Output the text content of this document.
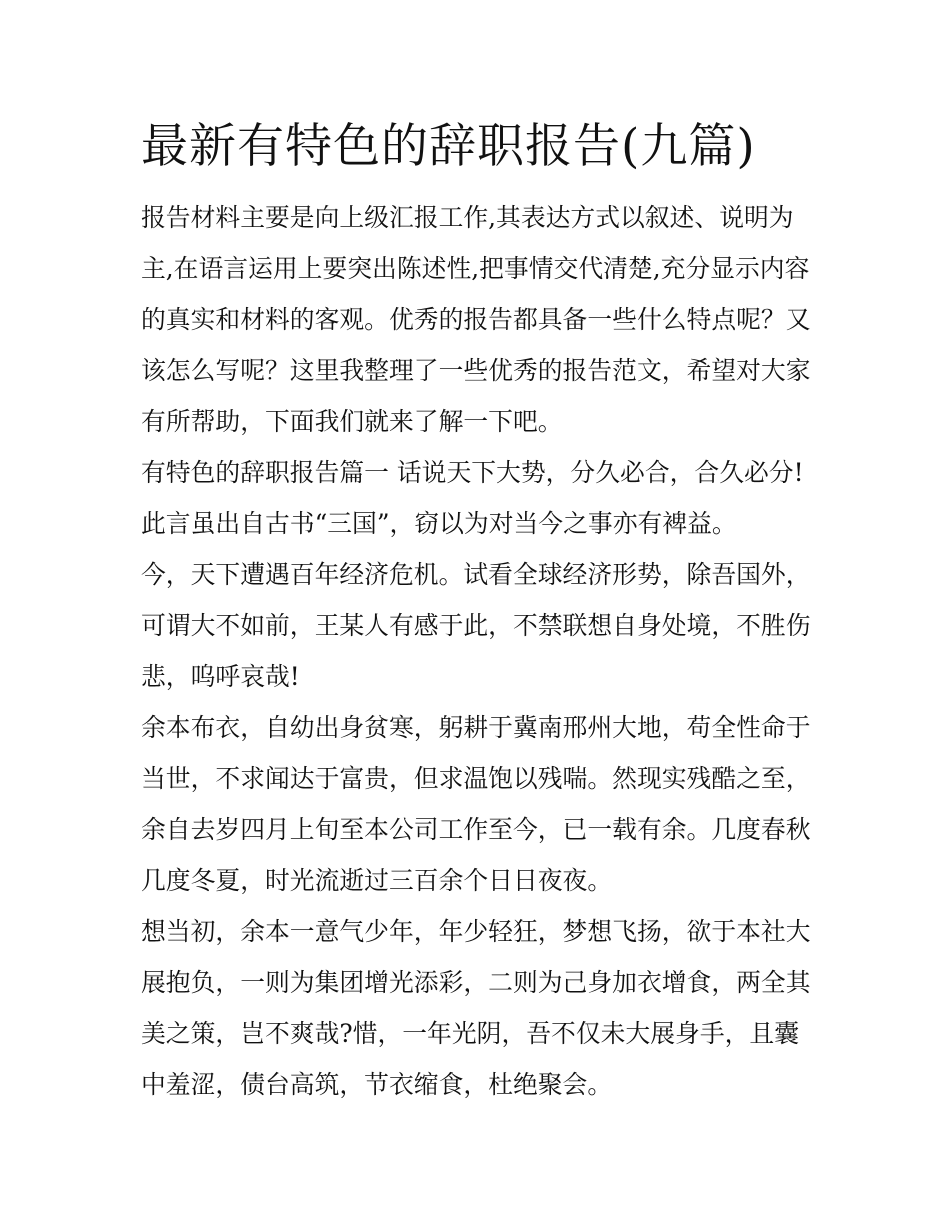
最新有特色的辞职报告(九篇)

报告材料主要是向上级汇报工作,其表达方式以叙述、说明为主,在语言运用上要突出陈述性,把事情交代清楚,充分显示内容的真实和材料的客观。优秀的报告都具备一些什么特点呢？又该怎么写呢？这里我整理了一些优秀的报告范文，希望对大家有所帮助，下面我们就来了解一下吧。

有特色的辞职报告篇一 话说天下大势，分久必合，合久必分!此言虽出自古书“三国”，窃以为对当今之事亦有裨益。

今，天下遭遇百年经济危机。试看全球经济形势，除吾国外，可谓大不如前，王某人有感于此，不禁联想自身处境，不胜伤悲，呜呼哀哉!

余本布衣，自幼出身贫寒，躬耕于冀南邢州大地，苟全性命于当世，不求闻达于富贵，但求温饱以残喘。然现实残酷之至，余自去岁四月上旬至本公司工作至今，已一载有余。几度春秋几度冬夏，时光流逝过三百余个日日夜夜。

想当初，余本一意气少年，年少轻狂，梦想飞扬，欲于本社大展抱负，一则为集团增光添彩，二则为己身加衣增食，两全其美之策，岂不爽哉?惜，一年光阴，吾不仅未大展身手，且囊中羞涩，债台高筑，节衣缩食，杜绝聚会。
